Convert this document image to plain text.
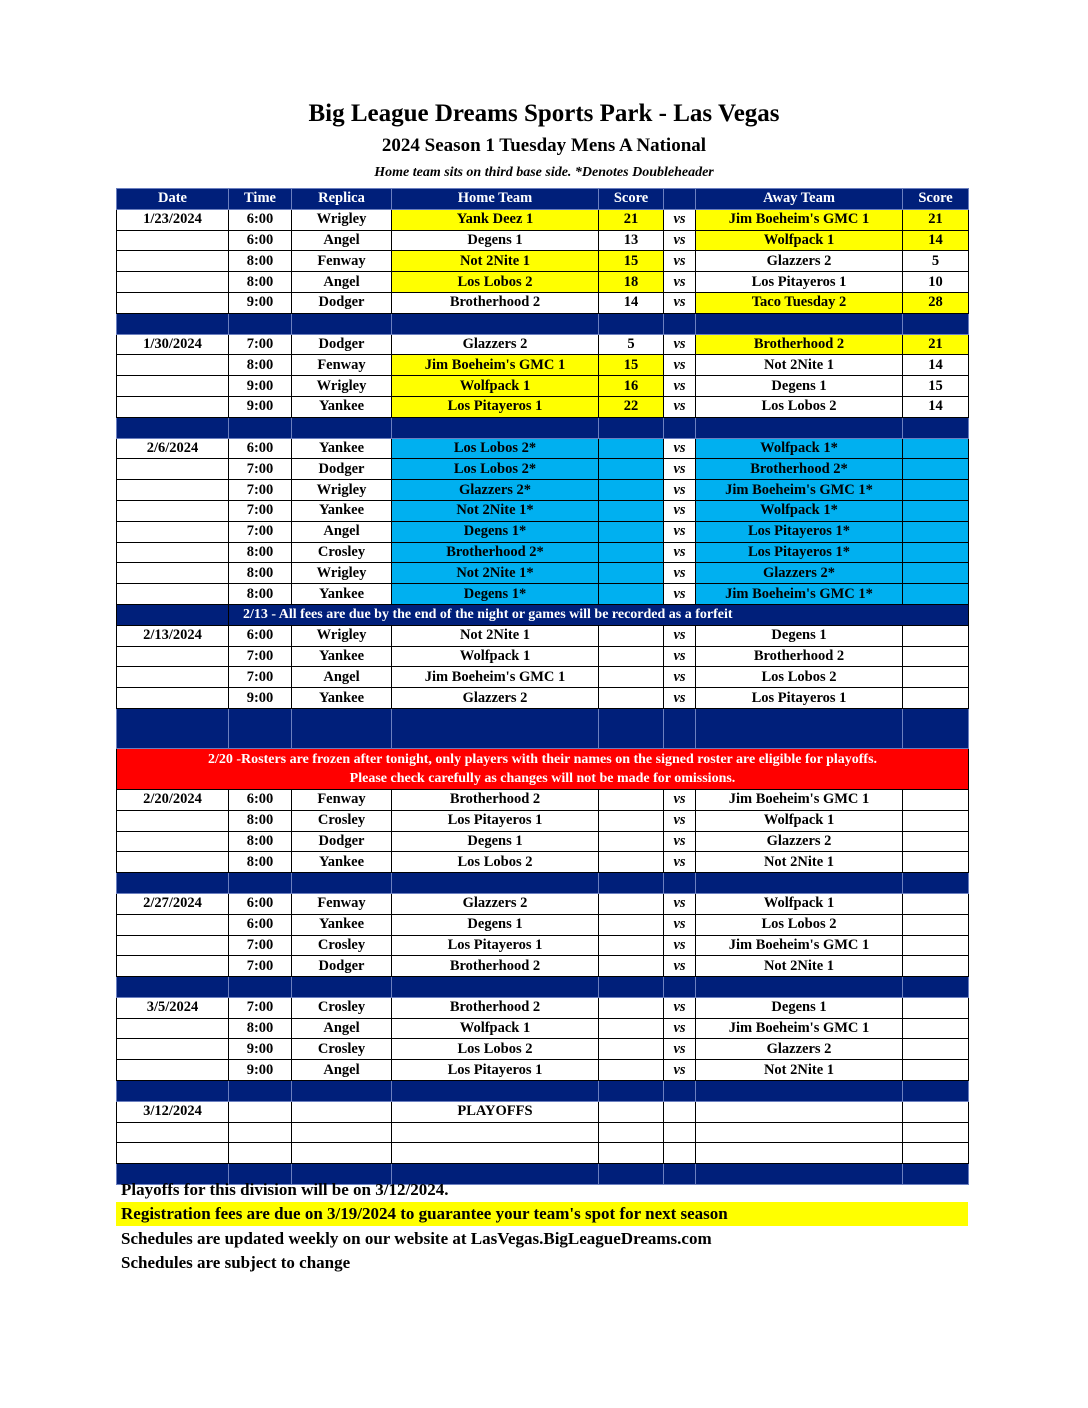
Big League Dreams Sports Park - Las Vegas
2024 Season 1 Tuesday Mens A National
Home team sits on third base side. *Denotes Doubleheader
Date	Time	Replica	Home Team	Score		Away Team	Score
1/23/2024	6:00	Wrigley	Yank Deez 1	21	vs	Jim Boeheim's GMC 1	21
	6:00	Angel	Degens 1	13	vs	Wolfpack 1	14
	8:00	Fenway	Not 2Nite 1	15	vs	Glazzers 2	5
	8:00	Angel	Los Lobos 2	18	vs	Los Pitayeros 1	10
	9:00	Dodger	Brotherhood 2	14	vs	Taco Tuesday 2	28

1/30/2024	7:00	Dodger	Glazzers 2	5	vs	Brotherhood 2	21
	8:00	Fenway	Jim Boeheim's GMC 1	15	vs	Not 2Nite 1	14
	9:00	Wrigley	Wolfpack 1	16	vs	Degens 1	15
	9:00	Yankee	Los Pitayeros 1	22	vs	Los Lobos 2	14

2/6/2024	6:00	Yankee	Los Lobos 2*		vs	Wolfpack 1*	
	7:00	Dodger	Los Lobos 2*		vs	Brotherhood 2*	
	7:00	Wrigley	Glazzers 2*		vs	Jim Boeheim's GMC 1*	
	7:00	Yankee	Not 2Nite 1*		vs	Wolfpack 1*	
	7:00	Angel	Degens 1*		vs	Los Pitayeros 1*	
	8:00	Crosley	Brotherhood 2*		vs	Los Pitayeros 1*	
	8:00	Wrigley	Not 2Nite 1*		vs	Glazzers 2*	
	8:00	Yankee	Degens 1*		vs	Jim Boeheim's GMC 1*	
	2/13 - All fees are due by the end of the night or games will be recorded as a forfeit						
2/13/2024	6:00	Wrigley	Not 2Nite 1		vs	Degens 1	
	7:00	Yankee	Wolfpack 1		vs	Brotherhood 2	
	7:00	Angel	Jim Boeheim's GMC 1		vs	Los Lobos 2	
	9:00	Yankee	Glazzers 2		vs	Los Pitayeros 1	

2/20 -Rosters are frozen after tonight, only players with their names on the signed roster are eligible for playoffs.
Please check carefully as changes will not be made for omissions.							

2/20/2024	6:00	Fenway	Brotherhood 2		vs	Jim Boeheim's GMC 1	
	8:00	Crosley	Los Pitayeros 1		vs	Wolfpack 1	
	8:00	Dodger	Degens 1		vs	Glazzers 2	
	8:00	Yankee	Los Lobos 2		vs	Not 2Nite 1	

2/27/2024	6:00	Fenway	Glazzers 2		vs	Wolfpack 1	
	6:00	Yankee	Degens 1		vs	Los Lobos 2	
	7:00	Crosley	Los Pitayeros 1		vs	Jim Boeheim's GMC 1	
	7:00	Dodger	Brotherhood 2		vs	Not 2Nite 1	

3/5/2024	7:00	Crosley	Brotherhood 2		vs	Degens 1	
	8:00	Angel	Wolfpack 1		vs	Jim Boeheim's GMC 1	
	9:00	Crosley	Los Lobos 2		vs	Glazzers 2	
	9:00	Angel	Los Pitayeros 1		vs	Not 2Nite 1	

3/12/2024			PLAYOFFS				

Playoffs for this division will be on 3/12/2024.
Registration fees are due on 3/19/2024 to guarantee your team's spot for next season
Schedules are updated weekly on our website at LasVegas.BigLeagueDreams.com
Schedules are subject to change
